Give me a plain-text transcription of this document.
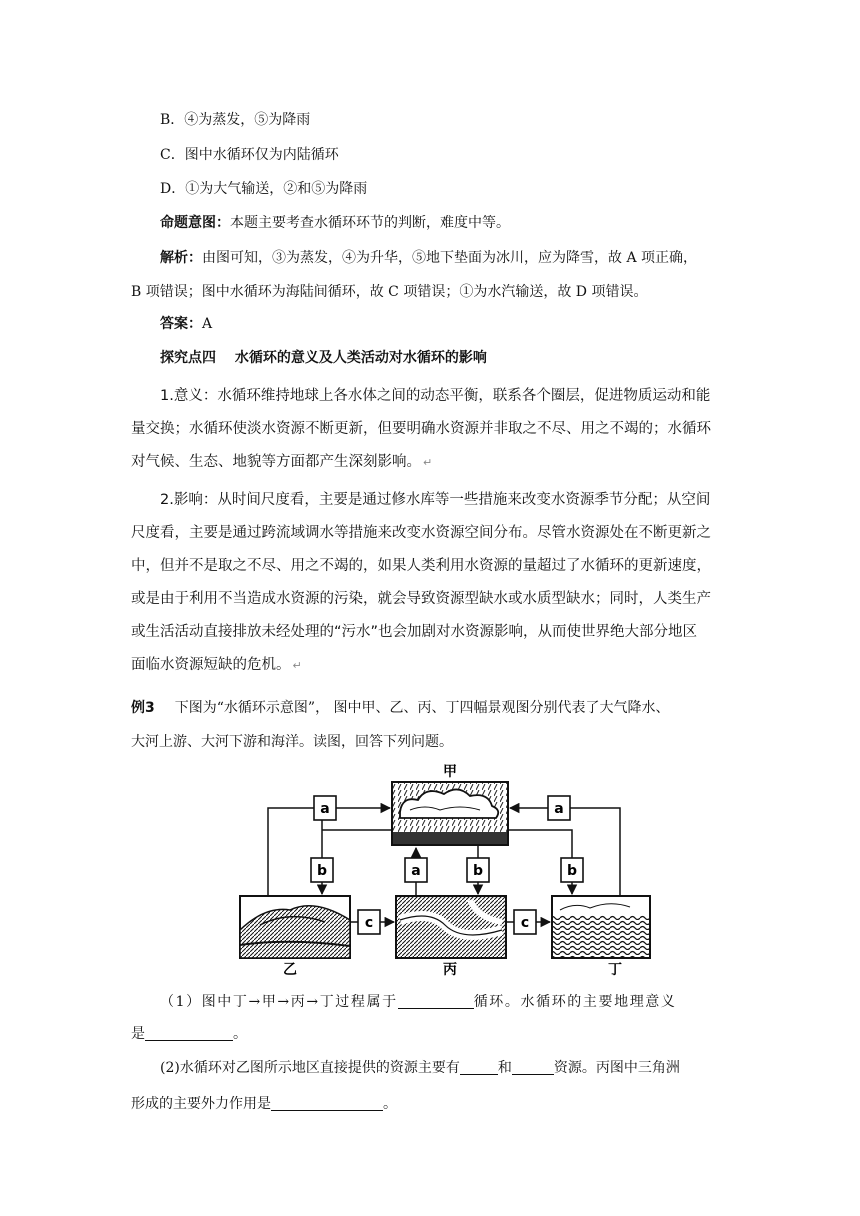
B．④为蒸发，⑤为降雨
C．图中水循环仅为内陆循环
D．①为大气输送，②和⑤为降雨
命题意图：本题主要考查水循环环节的判断，难度中等。
解析：由图可知，③为蒸发，④为升华，⑤地下垫面为冰川，应为降雪，故 A 项正确，
B 项错误；图中水循环为海陆间循环，故 C 项错误；①为水汽输送，故 D 项错误。
答案：A
探究点四　 水循环的意义及人类活动对水循环的影响
1.意义：水循环维持地球上各水体之间的动态平衡，联系各个圈层，促进物质运动和能
量交换；水循环使淡水资源不断更新，但要明确水资源并非取之不尽、用之不竭的；水循环
对气候、生态、地貌等方面都产生深刻影响。 ↵
2.影响：从时间尺度看，主要是通过修水库等一些措施来改变水资源季节分配；从空间
尺度看，主要是通过跨流域调水等措施来改变水资源空间分布。尽管水资源处在不断更新之
中，但并不是取之不尽、用之不竭的，如果人类利用水资源的量超过了水循环的更新速度，
或是由于利用不当造成水资源的污染，就会导致资源型缺水或水质型缺水；同时，人类生产
或生活活动直接排放未经处理的“污水”也会加剧对水资源影响，从而使世界绝大部分地区
面临水资源短缺的危机。 ↵
例3 下图为“水循环示意图”， 图中甲、乙、丙、丁四幅景观图分别代表了大气降水、
大河上游、大河下游和海洋。读图，回答下列问题。
甲
乙	丙	丁
a	a
b	a	b	b
c	c
（1）图中丁→甲→丙→丁过程属于	循环。水循环的主要地理意义
是	。
(2)水循环对乙图所示地区直接提供的资源主要有	和	资源。丙图中三角洲
形成的主要外力作用是	。
